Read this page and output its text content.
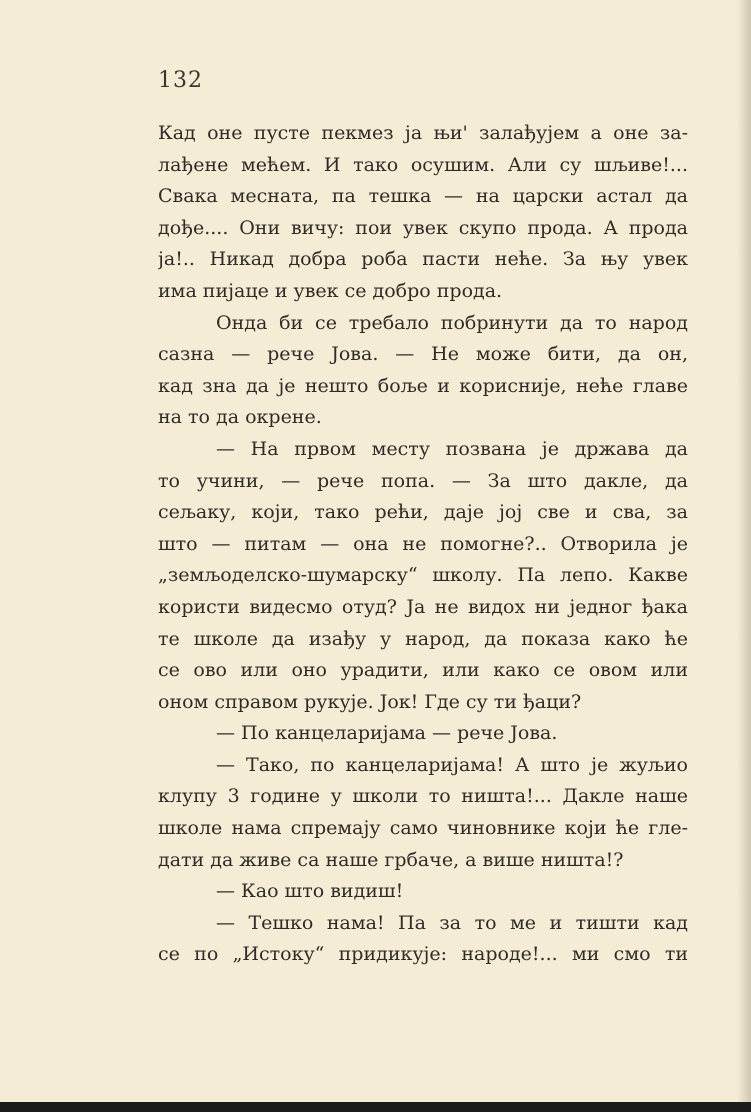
132
Кад оне пусте пекмез ја њи' залађујем а оне за-
лађене мећем. И тако осушим. Али су шљиве!...
Свака месната, па тешка — на царски астал да
дође.... Они вичу: пои увек скупо прода. А прода
ја!.. Никад добра роба пасти неће. За њу увек
има пијаце и увек се добро прода.
Онда би се требало побринути да то народ
сазна — рече Јова. — Не може бити, да он,
кад зна да је нешто боље и корисније, неће главе
на то да окрене.
— На првом месту позвана је држава да
то учини, — рече попа. — За што дакле, да
сељаку, који, тако рећи, даје јој све и сва, за
што — питам — она не помогне?.. Отворила је
„земљоделско-шумарску“ школу. Па лепо. Какве
користи видесмо отуд? Ја не видох ни једног ђака
те школе да изађу у народ, да показа како ће
се ово или оно урадити, или како се овом или
оном справом рукује. Јок! Где су ти ђаци?
— По канцеларијама — рече Јова.
— Тако, по канцеларијама! А што је жуљио
клупу 3 године у школи то ништа!... Дакле наше
школе нама спремају само чиновнике који ће гле-
дати да живе са наше грбаче, а више ништа!?
— Као што видиш!
— Тешко нама! Па за то ме и тишти кад
се по „Истоку“ придикује: народе!... ми смо ти
